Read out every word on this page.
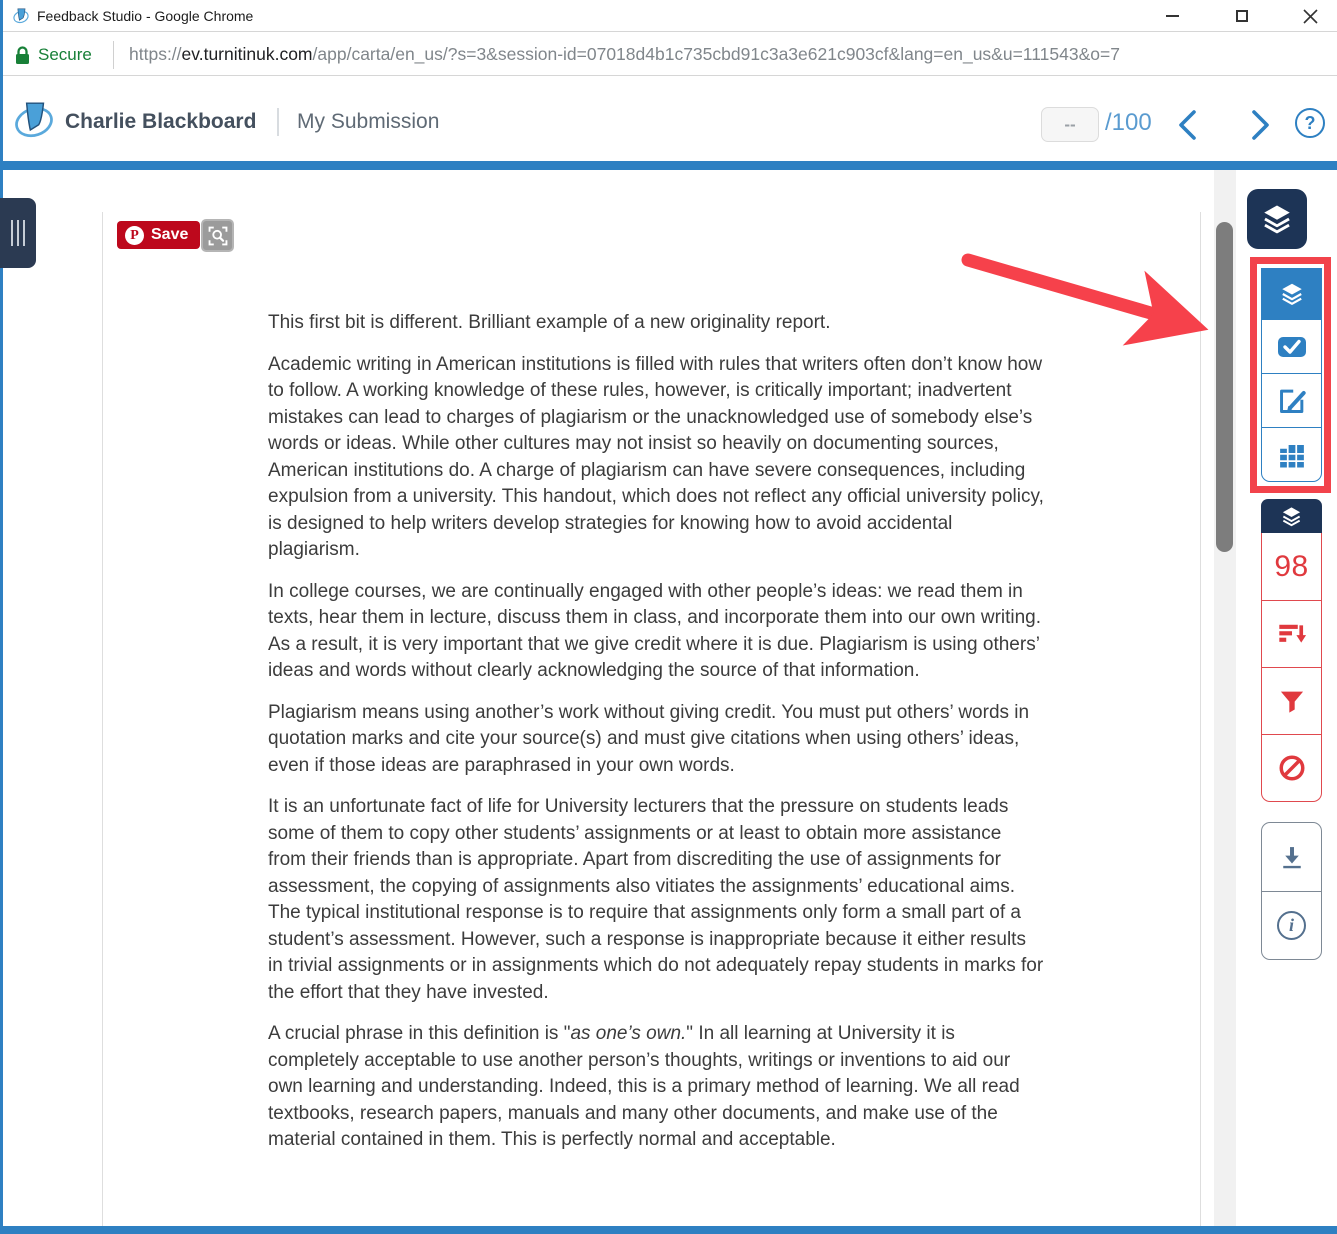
Feedback Studio - Google Chrome
Secure https://ev.turnitinuk.com/app/carta/en_us/?s=3&session-id=07018d4b1c735cbd91c3a3e621c903cf&lang=en_us&u=111543&o=7
Charlie Blackboard My Submission	--	/100	?
P Save

This first bit is different. Brilliant example of a new originality report.

Academic writing in American institutions is filled with rules that writers often don’t know how to follow. A working knowledge of these rules, however, is critically important; inadvertent mistakes can lead to charges of plagiarism or the unacknowledged use of somebody else’s words or ideas. While other cultures may not insist so heavily on documenting sources, American institutions do. A charge of plagiarism can have severe consequences, including expulsion from a university. This handout, which does not reflect any official university policy, is designed to help writers develop strategies for knowing how to avoid accidental plagiarism.

In college courses, we are continually engaged with other people’s ideas: we read them in texts, hear them in lecture, discuss them in class, and incorporate them into our own writing. As a result, it is very important that we give credit where it is due. Plagiarism is using others’ ideas and words without clearly acknowledging the source of that information.

Plagiarism means using another’s work without giving credit. You must put others’ words in quotation marks and cite your source(s) and must give citations when using others’ ideas, even if those ideas are paraphrased in your own words.

It is an unfortunate fact of life for University lecturers that the pressure on students leads some of them to copy other students’ assignments or at least to obtain more assistance from their friends than is appropriate. Apart from discrediting the use of assignments for assessment, the copying of assignments also vitiates the assignments’ educational aims. The typical institutional response is to require that assignments only form a small part of a student’s assessment. However, such a response is inappropriate because it either results in trivial assignments or in assignments which do not adequately repay students in marks for the effort that they have invested.

A crucial phrase in this definition is "as one’s own." In all learning at University it is completely acceptable to use another person’s thoughts, writings or inventions to aid our own learning and understanding. Indeed, this is a primary method of learning. We all read textbooks, research papers, manuals and many other documents, and make use of the material contained in them. This is perfectly normal and acceptable.

98
i
